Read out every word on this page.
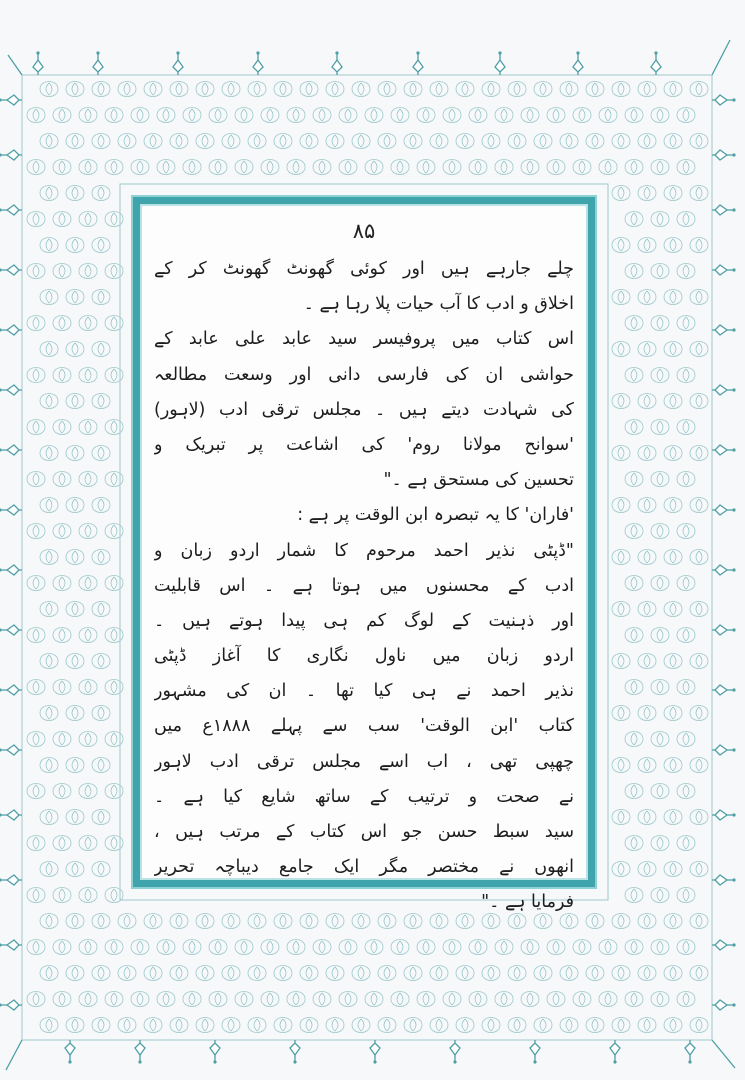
۸۵
چلے جارہے ہیں اور کوئی گھونٹ گھونٹ کر کے
اخلاق و ادب کا آب حیات پلا رہا ہے ۔
اس کتاب میں پروفیسر سید عابد علی عابد کے
حواشی ان کی فارسی دانی اور وسعت مطالعہ
کی شہادت دیتے ہیں ۔ مجلس ترقی ادب (لاہور)
'سوانح مولانا روم' کی اشاعت پر تبریک و
تحسین کی مستحق ہے ۔"
'فاران' کا یہ تبصرہ ابن الوقت پر ہے :
"ڈپٹی نذیر احمد مرحوم کا شمار اردو زبان و
ادب کے محسنوں میں ہوتا ہے ۔ اس قابلیت
اور ذہنیت کے لوگ کم ہی پیدا ہوتے ہیں ۔
اردو زبان میں ناول نگاری کا آغاز ڈپٹی
نذیر احمد نے ہی کیا تھا ۔ ان کی مشہور
کتاب 'ابن الوقت' سب سے پہلے ۱۸۸۸ع میں
چھپی تھی ، اب اسے مجلس ترقی ادب لاہور
نے صحت و ترتیب کے ساتھ شایع کیا ہے ۔
سید سبط حسن جو اس کتاب کے مرتب ہیں ،
انھوں نے مختصر مگر ایک جامع دیباچہ تحریر
فرمایا ہے ۔"
